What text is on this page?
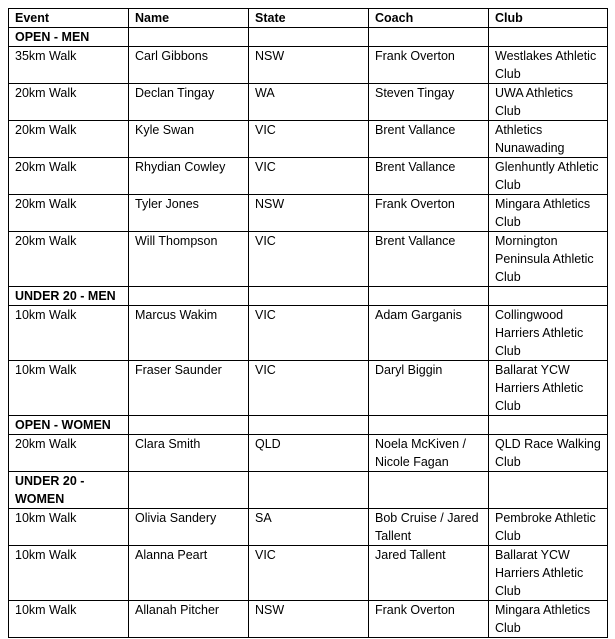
Event	Name	State	Coach	Club
OPEN - MEN				
35km Walk	Carl Gibbons	NSW	Frank Overton	Westlakes Athletic Club
20km Walk	Declan Tingay	WA	Steven Tingay	UWA Athletics Club
20km Walk	Kyle Swan	VIC	Brent Vallance	Athletics Nunawading
20km Walk	Rhydian Cowley	VIC	Brent Vallance	Glenhuntly Athletic Club
20km Walk	Tyler Jones	NSW	Frank Overton	Mingara Athletics Club
20km Walk	Will Thompson	VIC	Brent Vallance	Mornington Peninsula Athletic Club
UNDER 20 - MEN				
10km Walk	Marcus Wakim	VIC	Adam Garganis	Collingwood Harriers Athletic Club
10km Walk	Fraser Saunder	VIC	Daryl Biggin	Ballarat YCW Harriers Athletic Club
OPEN - WOMEN				
20km Walk	Clara Smith	QLD	Noela McKiven / Nicole Fagan	QLD Race Walking Club
UNDER 20 - WOMEN				
10km Walk	Olivia Sandery	SA	Bob Cruise / Jared Tallent	Pembroke Athletic Club
10km Walk	Alanna Peart	VIC	Jared Tallent	Ballarat YCW Harriers Athletic Club
10km Walk	Allanah Pitcher	NSW	Frank Overton	Mingara Athletics Club
